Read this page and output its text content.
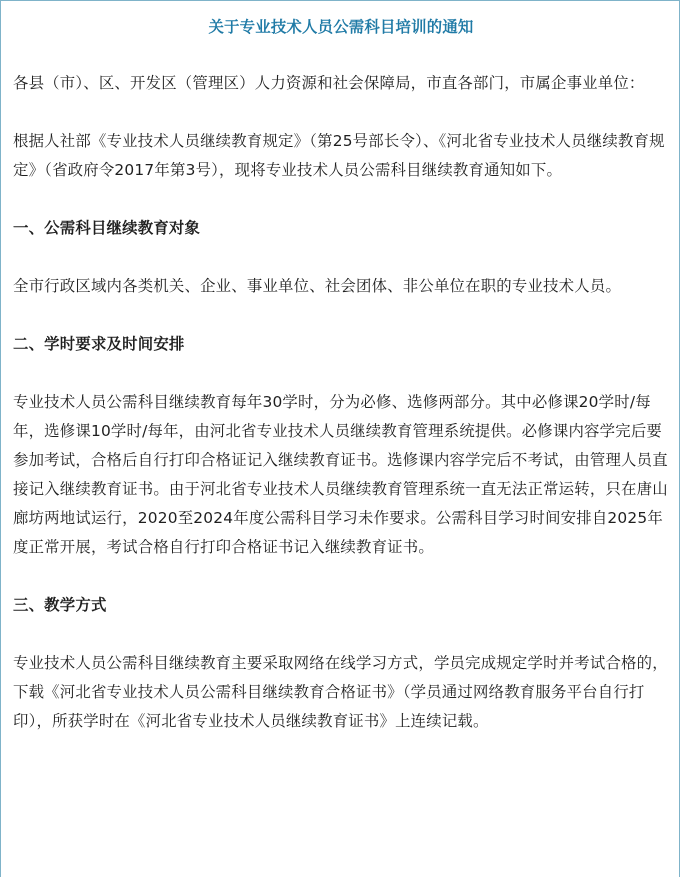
关于专业技术人员公需科目培训的通知

各县（市）、区、开发区（管理区）人力资源和社会保障局，市直各部门，市属企事业单位：

根据人社部《专业技术人员继续教育规定》（第25号部长令）、《河北省专业技术人员继续教育规定》（省政府令2017年第3号），现将专业技术人员公需科目继续教育通知如下。

一、公需科目继续教育对象

全市行政区域内各类机关、企业、事业单位、社会团体、非公单位在职的专业技术人员。

二、学时要求及时间安排

专业技术人员公需科目继续教育每年30学时，分为必修、选修两部分。其中必修课20学时/每年，选修课10学时/每年，由河北省专业技术人员继续教育管理系统提供。必修课内容学完后要参加考试，合格后自行打印合格证记入继续教育证书。选修课内容学完后不考试，由管理人员直接记入继续教育证书。由于河北省专业技术人员继续教育管理系统一直无法正常运转，只在唐山廊坊两地试运行，2020至2024年度公需科目学习未作要求。公需科目学习时间安排自2025年度正常开展，考试合格自行打印合格证书记入继续教育证书。

三、教学方式

专业技术人员公需科目继续教育主要采取网络在线学习方式，学员完成规定学时并考试合格的，下载《河北省专业技术人员公需科目继续教育合格证书》（学员通过网络教育服务平台自行打印），所获学时在《河北省专业技术人员继续教育证书》上连续记载。
